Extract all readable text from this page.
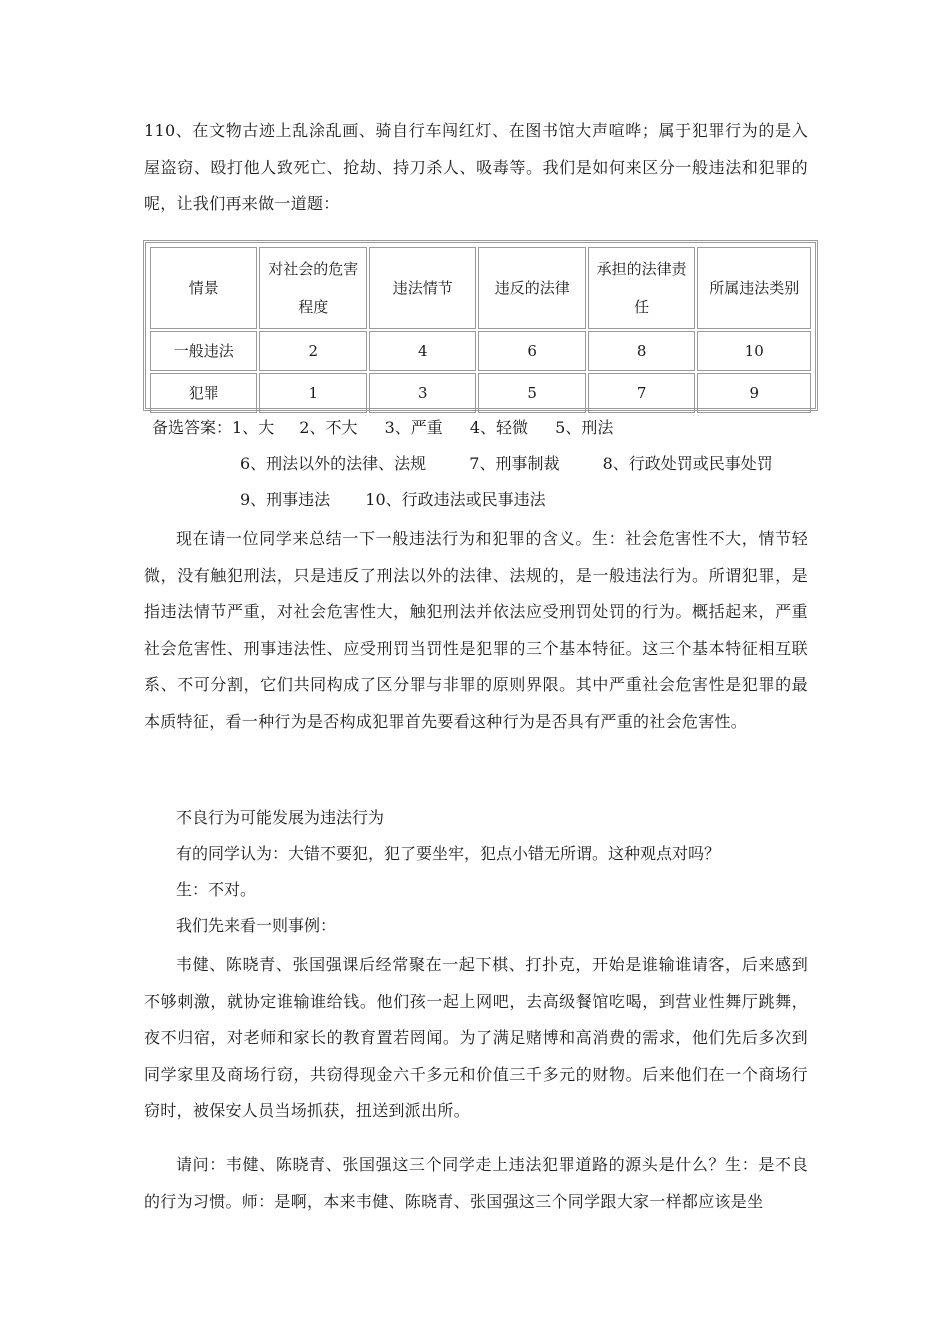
110、在文物古迹上乱涂乱画、骑自行车闯红灯、在图书馆大声喧哗；属于犯罪行为的是入屋盗窃、殴打他人致死亡、抢劫、持刀杀人、吸毒等。我们是如何来区分一般违法和犯罪的呢，让我们再来做一道题：

情景	对社会的危害程度	违法情节	违反的法律	承担的法律责任	所属违法类别
一般违法	2	4	6	8	10
犯罪	1	3	5	7	9
备选答案：1、大 2、不大 3、严重 4、轻微 5、刑法
6、刑法以外的法律、法规	7、刑事制裁	8、行政处罚或民事处罚
9、刑事违法 10、行政违法或民事违法

现在请一位同学来总结一下一般违法行为和犯罪的含义。生：社会危害性不大，情节轻微，没有触犯刑法，只是违反了刑法以外的法律、法规的，是一般违法行为。所谓犯罪，是指违法情节严重，对社会危害性大，触犯刑法并依法应受刑罚处罚的行为。概括起来，严重社会危害性、刑事违法性、应受刑罚当罚性是犯罪的三个基本特征。这三个基本特征相互联系、不可分割，它们共同构成了区分罪与非罪的原则界限。其中严重社会危害性是犯罪的最本质特征，看一种行为是否构成犯罪首先要看这种行为是否具有严重的社会危害性。

不良行为可能发展为违法行为
有的同学认为：大错不要犯，犯了要坐牢，犯点小错无所谓。这种观点对吗？
生：不对。
我们先来看一则事例：

韦健、陈晓青、张国强课后经常聚在一起下棋、打扑克，开始是谁输谁请客，后来感到不够刺激，就协定谁输谁给钱。他们孩一起上网吧，去高级餐馆吃喝，到营业性舞厅跳舞，夜不归宿，对老师和家长的教育置若罔闻。为了满足赌博和高消费的需求，他们先后多次到同学家里及商场行窃，共窃得现金六千多元和价值三千多元的财物。后来他们在一个商场行窃时，被保安人员当场抓获，扭送到派出所。

请问：韦健、陈晓青、张国强这三个同学走上违法犯罪道路的源头是什么？生：是不良的行为习惯。师：是啊，本来韦健、陈晓青、张国强这三个同学跟大家一样都应该是坐
